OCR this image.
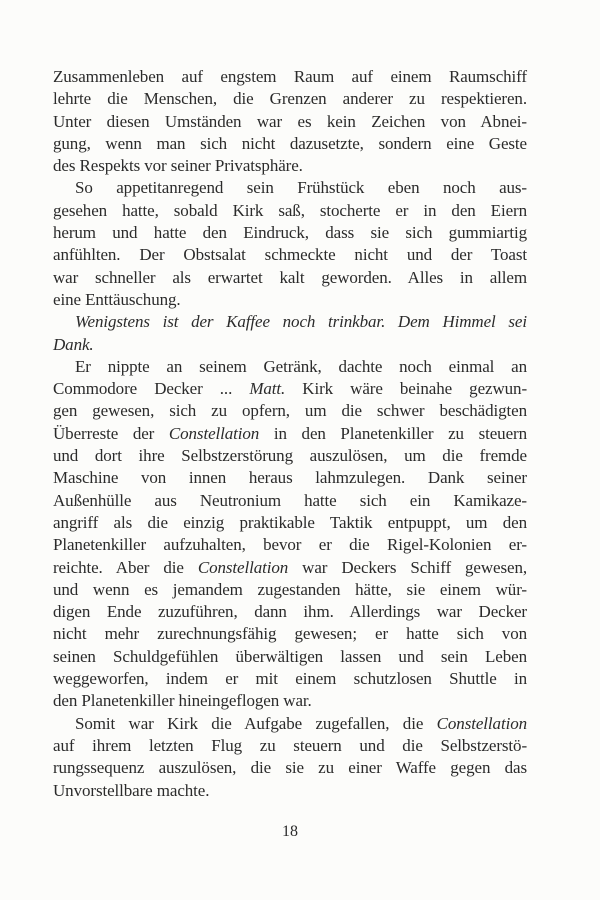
Zusammenleben auf engstem Raum auf einem Raumschiff
lehrte die Menschen, die Grenzen anderer zu respektieren.
Unter diesen Umständen war es kein Zeichen von Abnei-
gung, wenn man sich nicht dazusetzte, sondern eine Geste
des Respekts vor seiner Privatsphäre.
So appetitanregend sein Frühstück eben noch aus-
gesehen hatte, sobald Kirk saß, stocherte er in den Eiern
herum und hatte den Eindruck, dass sie sich gummiartig
anfühlten. Der Obstsalat schmeckte nicht und der Toast
war schneller als erwartet kalt geworden. Alles in allem
eine Enttäuschung.
Wenigstens ist der Kaffee noch trinkbar. Dem Himmel sei
Dank.
Er nippte an seinem Getränk, dachte noch einmal an
Commodore Decker ... Matt. Kirk wäre beinahe gezwun-
gen gewesen, sich zu opfern, um die schwer beschädigten
Überreste der Constellation in den Planetenkiller zu steuern
und dort ihre Selbstzerstörung auszulösen, um die fremde
Maschine von innen heraus lahmzulegen. Dank seiner
Außenhülle aus Neutronium hatte sich ein Kamikaze-
angriff als die einzig praktikable Taktik entpuppt, um den
Planetenkiller aufzuhalten, bevor er die Rigel-Kolonien er-
reichte. Aber die Constellation war Deckers Schiff gewesen,
und wenn es jemandem zugestanden hätte, sie einem wür-
digen Ende zuzuführen, dann ihm. Allerdings war Decker
nicht mehr zurechnungsfähig gewesen; er hatte sich von
seinen Schuldgefühlen überwältigen lassen und sein Leben
weggeworfen, indem er mit einem schutzlosen Shuttle in
den Planetenkiller hineingeflogen war.
Somit war Kirk die Aufgabe zugefallen, die Constellation
auf ihrem letzten Flug zu steuern und die Selbstzerstö-
rungssequenz auszulösen, die sie zu einer Waffe gegen das
Unvorstellbare machte.
18
